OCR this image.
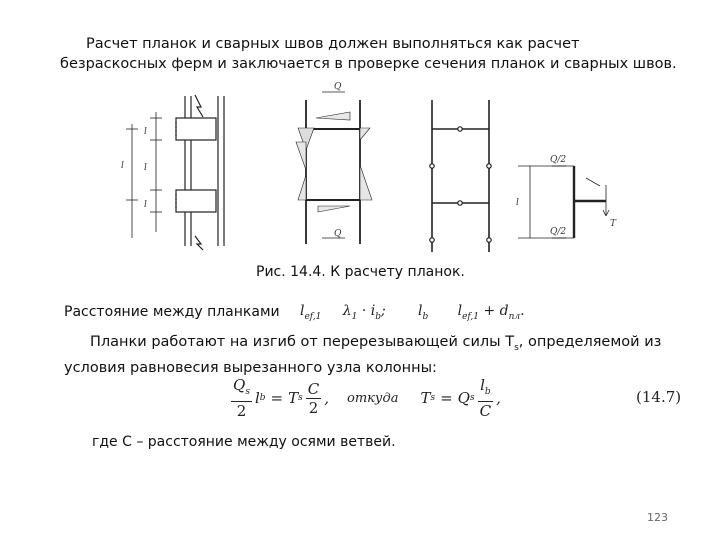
Расчет планок и сварных швов должен выполняться как расчет безраскосных ферм и заключается в проверке сечения планок и сварных швов.
l
l
l
l
Q
Q
Q/2
Q/2
T
l
Рис. 14.4. К расчету планок.
Расстояние между планками $l_{ef,1}$ $\lambda_1 \cdot i_b$; $l_b$ $l_{ef,1} + d_{пл}$.
Планки работают на изгиб от перерезывающей силы $T_s$, определяемой из условия равновесия вырезанного узла колонны:
$\frac{Q_s}{2}$ l b = T s $\frac{C}{2}$ , откуда T s = Q s $\frac{l_b}{C}$ ,	(14.7)
где С – расстояние между осями ветвей.
123
